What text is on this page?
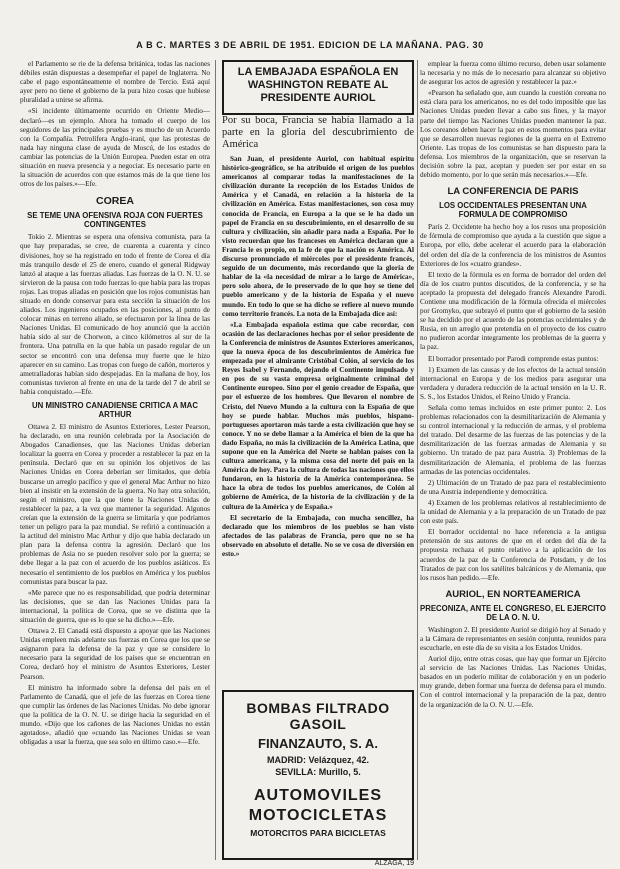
A B C. MARTES 3 DE ABRIL DE 1951. EDICION DE LA MAÑANA. PAG. 30

el Parlamento se rie de la defensa británica, todas las naciones débiles están dispuestas a desempeñar el papel de Inglaterra. No cabe el pago espontáneamente el nombre de Tercio. Está aquí ayer pero no tiene el gobierno de la pura hizo cosas que hubiese pluralidad a unirse se afirma.

«Si incidente últimamente ocurrido en Oriente Medio—declaró—es un ejemplo. Ahora ha tomado el cuerpo de los seguidores de las principales pruebas y es mucho de un Acuerdo con la Compañía. Petrolífera Anglo-iraní, que las protestas de nada hay ninguna clase de ayuda de Moscú, de los estados de cambiar las potencias de la Unión Europea. Pueden estar en otra situación en nueva presencia y a negociar. Es necesario parte en la situación de acuerdos con que estamos más de la que tiene los otros de los países.»—Efe.

COREA
SE TEME UNA OFENSIVA ROJA CON FUERTES CONTINGENTES

Tokio 2. Mientras se espera una ofensiva comunista, para la que hay preparadas, se cree, de cuarenta a cuarenta y cinco divisiones, hoy se ha registrado en todo el frente de Corea el día más tranquilo desde el 25 de enero, cuando el general Ridgway lanzó al ataque a las fuerzas aliadas. Las fuerzas de la O. N. U. se sirvieron de la pausa con todo fuerzas lo que había para las tropas rojas. Las tropas aliadas en posición que los rojos comunistas han situado en donde conservar para esta sección la situación de los aliados. Los ingenieros ocupados en las posiciones, al punto de colocar minas en terreno aliado, se efectuaron por la línea de las Naciones Unidas. El comunicado de hoy anunció que la acción había sido al sur de Chorwon, a cinco kilómetros al sur de la frontera. Una patrulla en la que había un pasado regular de un sector se encontró con una defensa muy fuerte que le hizo aparecer en su camino. Las tropas con fuego de cañón, morteros y ametralladoras habían sido despejadas. En la mañana de hoy, los comunistas tuvieron al frente en una de la tarde del 7 de abril se había conquistado.—Efe.

UN MINISTRO CANADIENSE CRITICA A MAC ARTHUR

Ottawa 2. El ministro de Asuntos Exteriores, Lester Pearson, ha declarado, en una reunión celebrada por la Asociación de Abogados Canadienses, que las Naciones Unidas deberían localizar la guerra en Corea y proceder a restablecer la paz en la península. Declaró que en su opinión los objetivos de las Naciones Unidas en Corea deberían ser limitados, que debía buscarse un arreglo pacífico y que el general Mac Arthur no hizo bien al insistir en la extensión de la guerra. No hay otra solución, según el ministro, que la que tiene la Naciones Unidas de restablecer la paz, a la vez que mantener la seguridad. Algunos creían que la extensión de la guerra se limitaría y que podríamos tener un peligro para la paz mundial. Se refirió a continuación a la actitud del ministro Mac Arthur y dijo que había declarado un plan para la defensa contra la agresión. Declaró que los problemas de Asia no se pueden resolver solo por la guerra; se debe llegar a la paz con el acuerdo de los pueblos asiáticos. Es necesario el sentimiento de los pueblos en América y los pueblos comunistas para buscar la paz.

«Me parece que no es responsabilidad, que podría determinar las decisiones, que se dan las Naciones Unidas para la internacional, la política de Corea, que se ve distinta que la situación de guerra, que es lo que se ha dicho.»—Efe.

Ottawa 2. El Canadá está dispuesto a apoyar que las Naciones Unidas empleen más adelante sus fuerzas en Corea que los que se asignaron para la defensa de la paz y que se considere lo necesario para la seguridad de los países que se encuentran en Corea, declaró hoy el ministro de Asuntos Exteriores, Lester Pearson.

El ministro ha informado sobre la defensa del país en el Parlamento de Canadá, que el jefe de las fuerzas en Corea tiene que cumplir las órdenes de las Naciones Unidas. No debe ignorar que la política de la O. N. U. se dirige hacia la seguridad en el mundo. «Dijo que los cañones de las Naciones Unidas no están agotados», añadió que «cuando las Naciones Unidas se vean obligadas a usar la fuerza, que sea solo en último caso.»—Efe.

LA EMBAJADA ESPAÑOLA EN WASHINGTON REBATE AL PRESIDENTE AURIOL
Por su boca, Francia se había llamado a la parte en la gloria del descubrimiento de América

San Juan, el presidente Auriol, con habitual espíritu histórico-geográfico, se ha atribuido el origen de los pueblos americanos al comparar todas la manifestaciones de la civilización durante la recepción de los Estados Unidos de América y el Canadá, en relación a la historia de la civilización en América. Estas manifestaciones, son cosa muy conocida de Francia, en Europa a la que se le ha dado un papel de Francia en su descubrimiento, en el desarrollo de su cultura y civilización, sin añadir para nada a España. Por lo visto recuerdan que los franceses en América declaran que a Francia le es propio, en la fe de que la nación es América. Al discurso pronunciado el miércoles por el presidente francés, seguido de un documento, más recordando que la gloria de hablar de la «la necesidad de mirar a lo largo de América», pero solo ahora, de lo preservado de lo que hoy se tiene del pueblo americano y de la historia de España y el nuevo mundo. En todo lo que se ha dicho se refiere al nuevo mundo como territorio francés. La nota de la Embajada dice así:

«La Embajada española estima que cabe recordar, con ocasión de las declaraciones hechas por el señor presidente de la Conferencia de ministros de Asuntos Exteriores americanos, que la nueva época de los descubrimientos de América fue empezada por el almirante Cristóbal Colón, al servicio de los Reyes Isabel y Fernando, dejando el Continente impulsado y en pos de su vasta empresa originalmente criminal del Continente europeo. Sino por el genio creador de España, que por el esfuerzo de los hombres. Que llevaron el nombre de Cristo, del Nuevo Mundo a la cultura con la España de que hoy se puede hablar. Muchos más pueblos, hispano-portugueses aportaron más tarde a esta civilización que hoy se conoce. Y no se debe llamar a la América el bien de la que ha dado España, no más la civilización de la América Latina, que supone que en la América del Norte se hablan países con la cultura americana, y la misma cosa del norte del país en la América de hoy. Para la cultura de todas las naciones que ellos fundaron, en la historia de la América contemporánea. Se hace la obra de todos los pueblos americanos, de Colón al gobierno de América, de la historia de la civilización y de la cultura de la América y de España.»

El secretario de la Embajada, con mucha sencillez, ha declarado que los miembros de los pueblos se han visto afectados de las palabras de Francia, pero que no se ha observado en absoluto el detalle. No se ve cosa de diversión en esto.»

BOMBAS FILTRADO GASOIL
FINANZAUTO, S. A.
MADRID: Velázquez, 42.
SEVILLA: Murillo, 5.
AUTOMOVILES
MOTOCICLETAS
MOTORCITOS PARA BICICLETAS
ALZAGA, 19

emplear la fuerza como último recurso, deben usar solamente la necesaria y no más de lo necesario para alcanzar su objetivo de asegurar los actos de agresión y restablecer la paz.»

«Pearson ha señalado que, aun cuando la cuestión coreana no está clara para los americanos, no es del todo imposible que las Naciones Unidas pueden llevar a cabo sus fines, y la mayor parte del tiempo las Naciones Unidas pueden mantener la paz. Los coreanos deben hacer la paz en estos momentos para evitar que se desarrollen nuevas regiones de la guerra en el Extremo Oriente. Las tropas de los comunistas se han dispuesto para la defensa. Los miembros de la organización, que se reservan la decisión sobre la paz, aceptan y pueden ser por estar en su debido momento, por lo que serán más necesarios.»—Efe.

LA CONFERENCIA DE PARIS
LOS OCCIDENTALES PRESENTAN UNA FORMULA DE COMPROMISO

París 2. Occidente ha hecho hoy a los rusos una proposición de fórmula de compromiso que ayuda a la cuestión que sigue a Europa, por ello, debe acelerar el acuerdo para la elaboración del orden del día de la conferencia de los ministros de Asuntos Exteriores de los «cuatro grandes».

El texto de la fórmula es en forma de borrador del orden del día de los cuatro puntos discutidos, de la conferencia, y se ha aceptado la propuesta del delegado francés Alexandre Parodi. Contiene una modificación de la fórmula ofrecida el miércoles por Gromyko, que subrayó el punto que el gobierno de la sesión se ha decidido por el acuerdo de las potencias occidentales y de Rusia, en un arreglo que pretendía en el proyecto de los cuatro no pudieron acordar integramente los problemas de la guerra y la paz.

El borrador presentado por Parodi comprende estas puntos:

1) Examen de las causas y de los efectos de la actual tensión internacional en Europa y de los medios para asegurar una verdadera y duradera reducción de la actual tensión en la U. R. S. S., los Estados Unidos, el Reino Unido y Francia.

Señala como temas incluidos en este primer punto: 2. Los problemas relacionados con la desmilitarización de Alemania y su control internacional y la reducción de armas, y el problema del tratado. Del desarme de las fuerzas de las potencias y de la desmilitarización de las fuerzas armadas de Alemania y su gobierno. Un tratado de paz para Austria. 3) Problemas de la desmilitarización de Alemania, el problema de las fuerzas armadas de las potencias occidentales.

2) Ultimación de un Tratado de paz para el restablecimiento de una Austria independiente y democrática.

4) Examen de los problemas relativos al restablecimiento de la unidad de Alemania y a la preparación de un Tratado de paz con este país.

El borrador occidental no hace referencia a la antigua pretensión de sus autores de que en el orden del día de la propuesta rechaza el punto relativo a la aplicación de los acuerdos de la paz de la Conferencia de Potsdam, y de los Tratados de paz con los satélites balcánicos y de Alemania, que los rusos han pedido.—Efe.

AURIOL, EN NORTEAMERICA
PRECONIZA, ANTE EL CONGRESO, EL EJERCITO DE LA O. N. U.

Washington 2. El presidente Auriol se dirigió hoy al Senado y a la Cámara de representantes en sesión conjunta, reunidos para escucharle, en este día de su visita a los Estados Unidos.

Auriol dijo, entre otras cosas, que hay que formar un Ejército al servicio de las Naciones Unidas. Las Naciones Unidas, basados en un poderío militar de colaboración y en un poderío muy grande, deben formar una fuerza de defensa para el mundo. Con el control internacional y la preparación de la paz, dentro de la organización de la O. N. U.—Efe.
